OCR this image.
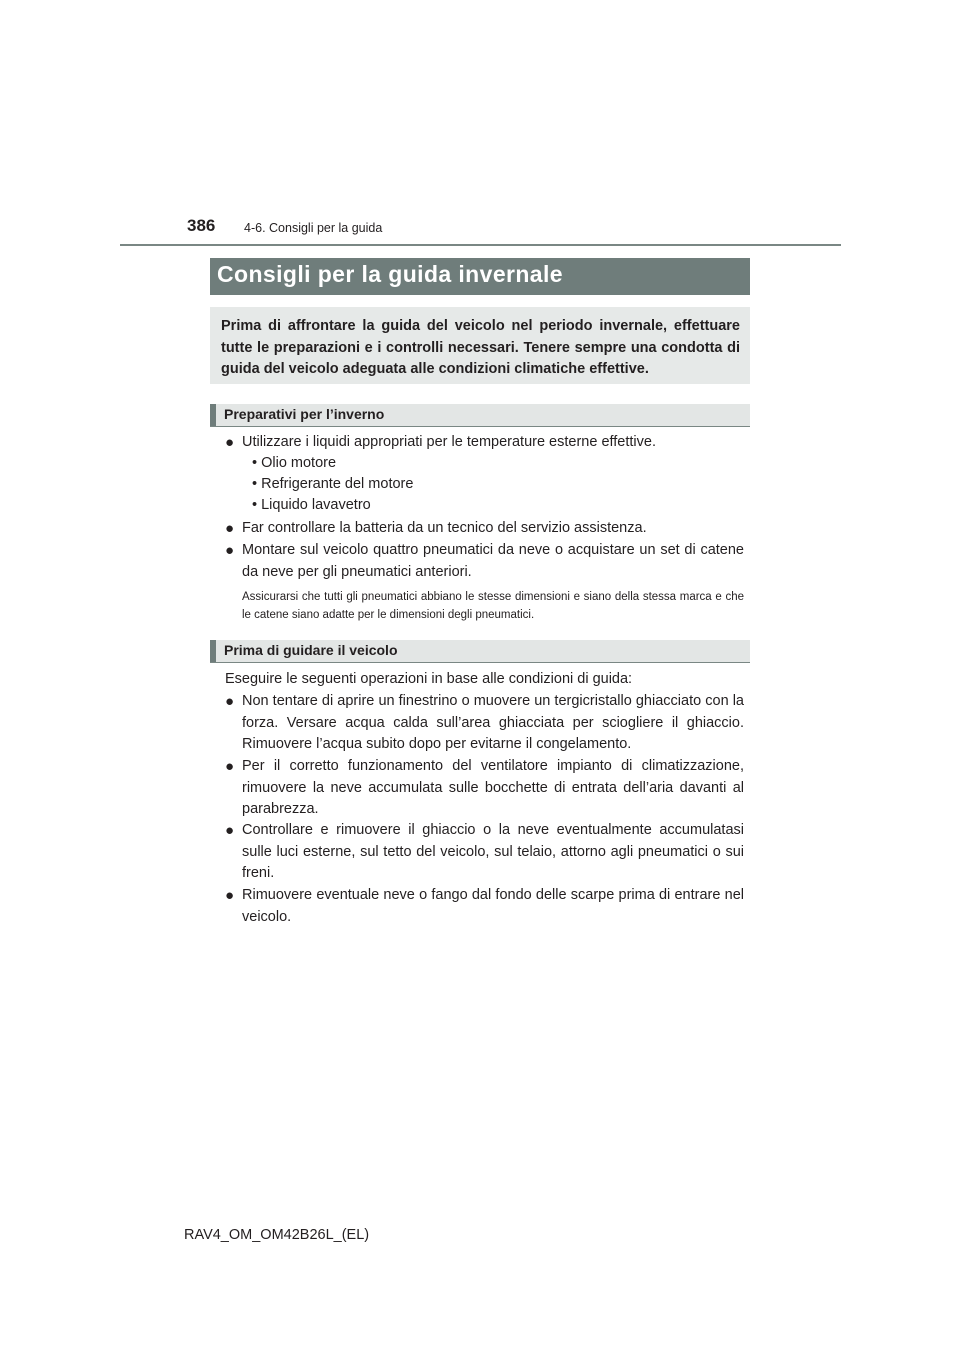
386 4-6. Consigli per la guida
Consigli per la guida invernale
Prima di affrontare la guida del veicolo nel periodo invernale, effettuare tutte le preparazioni e i controlli necessari. Tenere sempre una condotta di guida del veicolo adeguata alle condizioni climatiche effettive.
Preparativi per l’inverno
● Utilizzare i liquidi appropriati per le temperature esterne effettive.
• Olio motore
• Refrigerante del motore
• Liquido lavavetro
● Far controllare la batteria da un tecnico del servizio assistenza.
● Montare sul veicolo quattro pneumatici da neve o acquistare un set di catene da neve per gli pneumatici anteriori.
Assicurarsi che tutti gli pneumatici abbiano le stesse dimensioni e siano della stessa marca e che le catene siano adatte per le dimensioni degli pneumatici.
Prima di guidare il veicolo
Eseguire le seguenti operazioni in base alle condizioni di guida:
● Non tentare di aprire un finestrino o muovere un tergicristallo ghiacciato con la forza. Versare acqua calda sull’area ghiacciata per sciogliere il ghiaccio. Rimuovere l’acqua subito dopo per evitarne il congelamento.
● Per il corretto funzionamento del ventilatore impianto di climatizzazione, rimuovere la neve accumulata sulle bocchette di entrata dell’aria davanti al parabrezza.
● Controllare e rimuovere il ghiaccio o la neve eventualmente accumulatasi sulle luci esterne, sul tetto del veicolo, sul telaio, attorno agli pneumatici o sui freni.
● Rimuovere eventuale neve o fango dal fondo delle scarpe prima di entrare nel veicolo.
RAV4_OM_OM42B26L_(EL)
